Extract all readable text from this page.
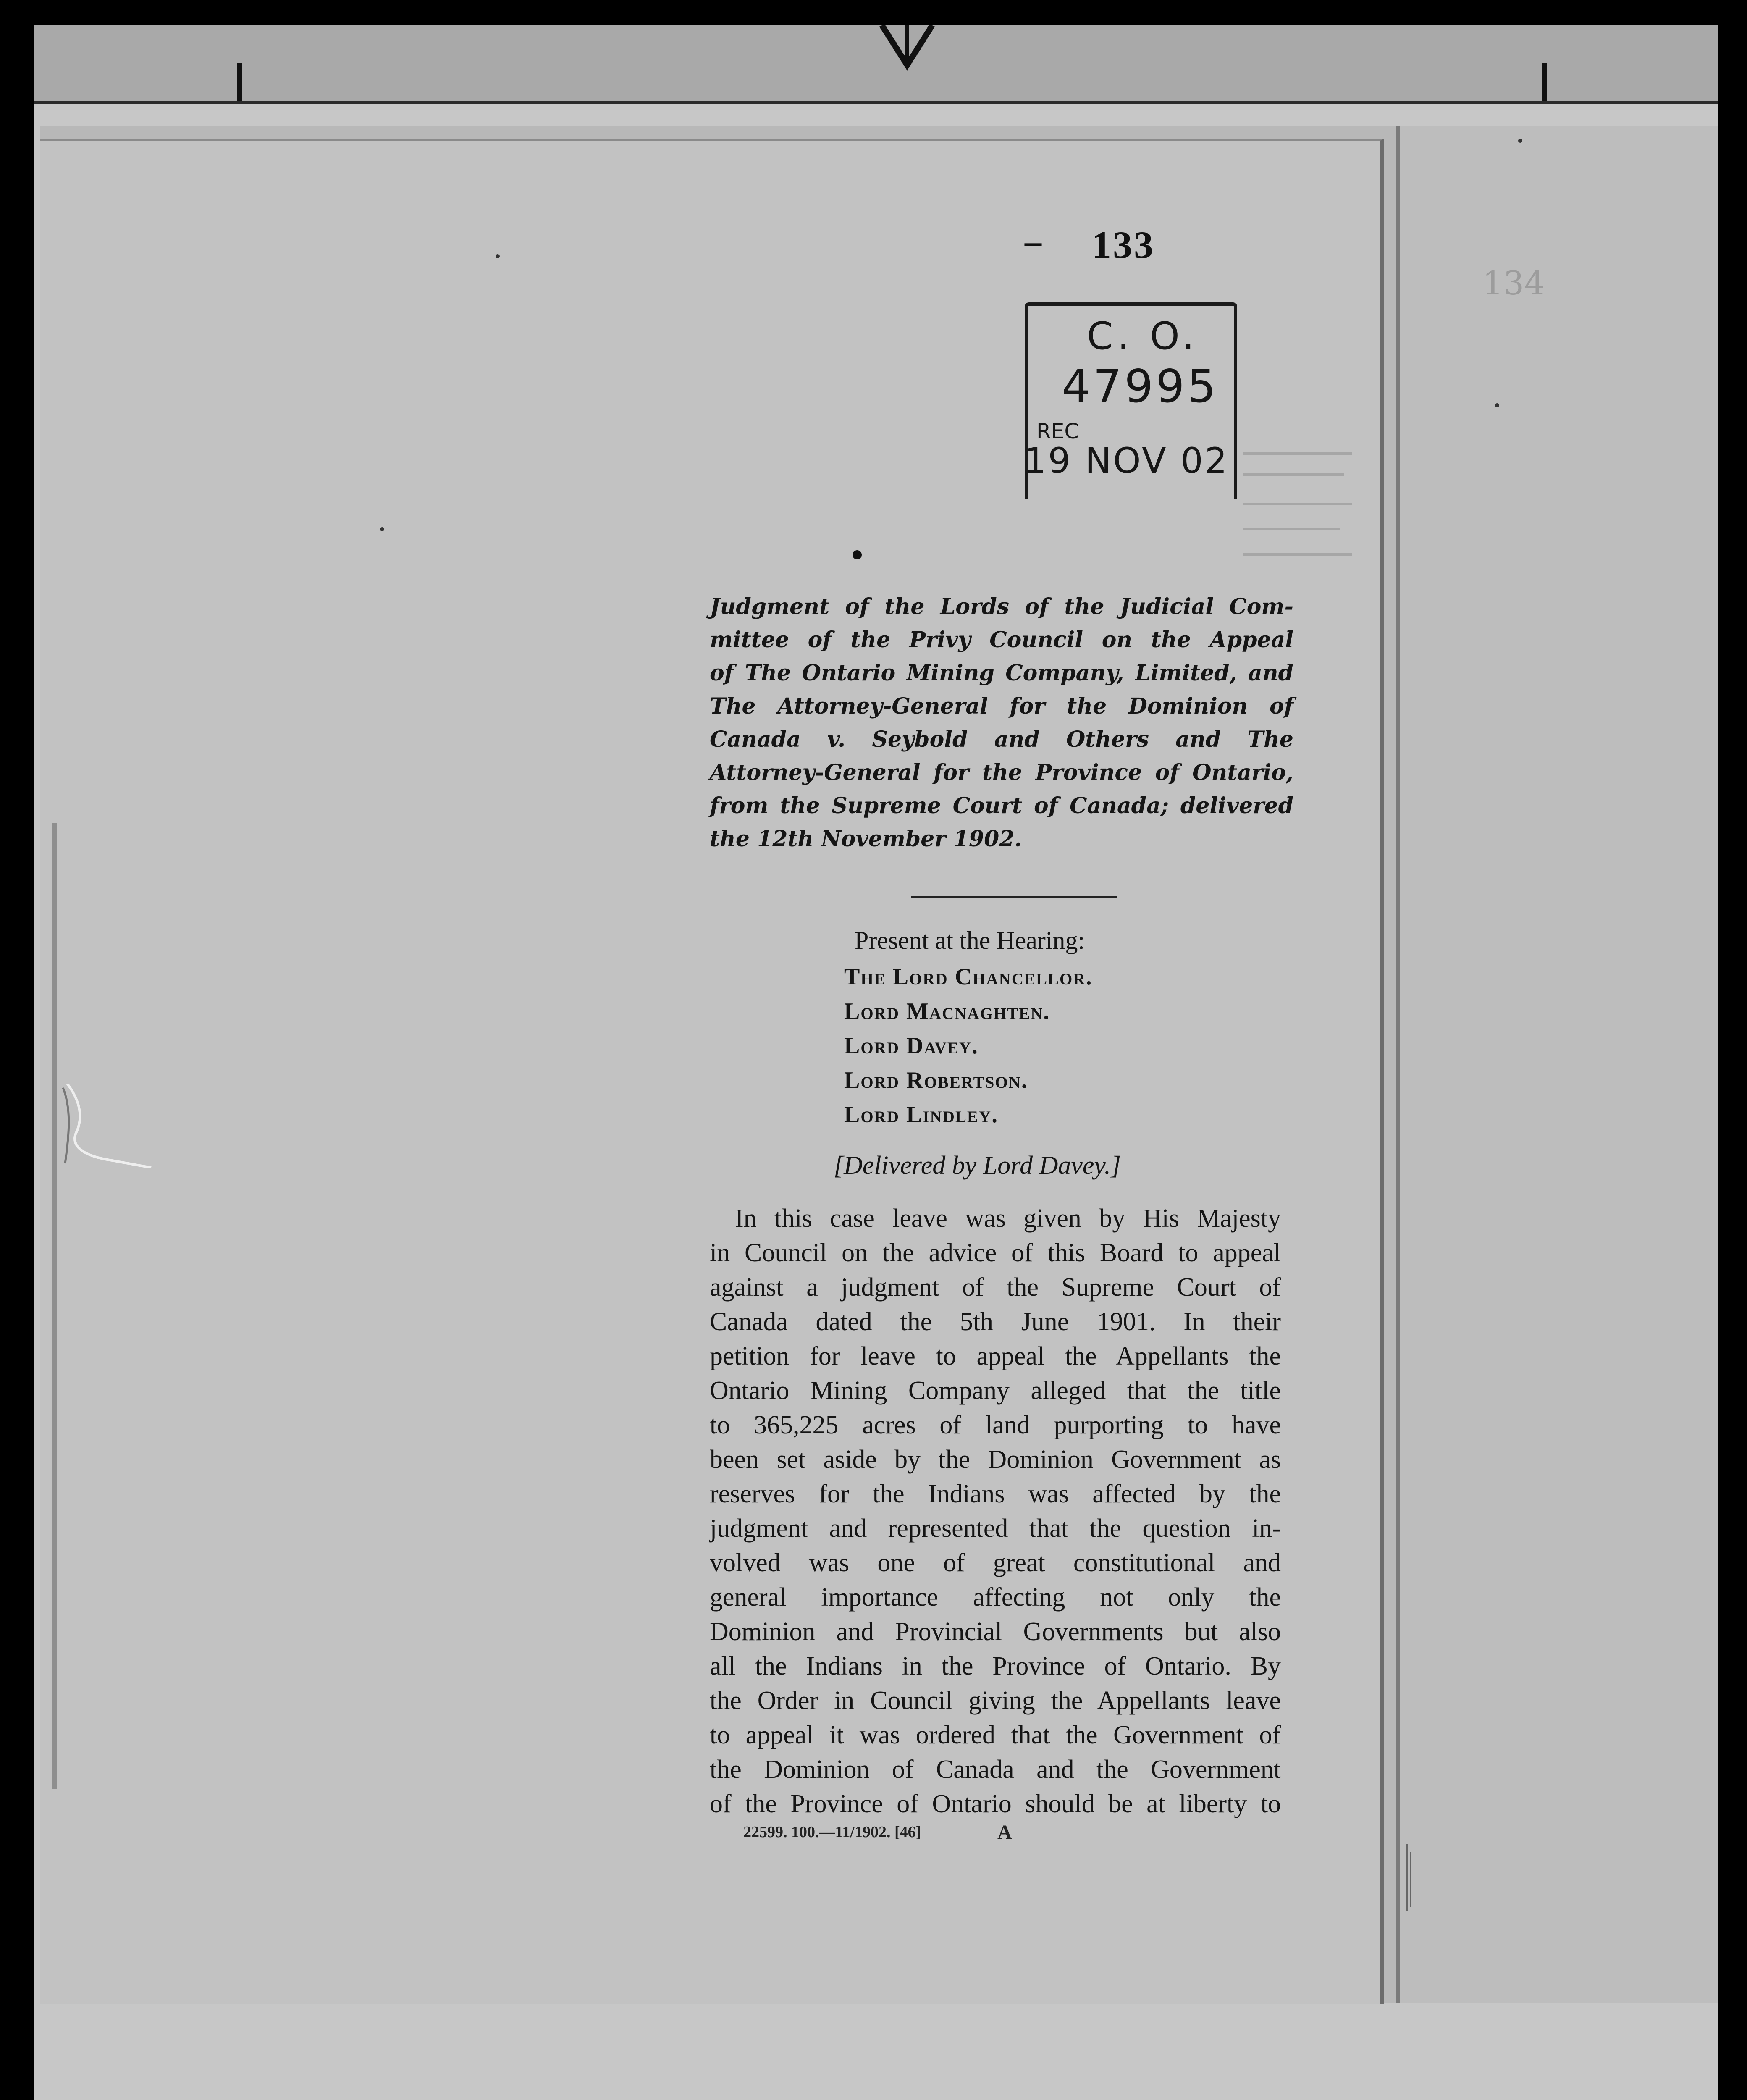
134
– 133
C. O.
47995
REC
19 NOV 02
Judgment of the Lords of the Judicial Com-
mittee of the Privy Council on the Appeal
of The Ontario Mining Company, Limited, and
The Attorney-General for the Dominion of
Canada v. Seybold and Others and The
Attorney-General for the Province of Ontario,
from the Supreme Court of Canada; delivered
the 12th November 1902.
Present at the Hearing:
The Lord Chancellor.
Lord Macnaghten.
Lord Davey.
Lord Robertson.
Lord Lindley.
[Delivered by Lord Davey.]
In this case leave was given by His Majesty
in Council on the advice of this Board to appeal
against a judgment of the Supreme Court of
Canada dated the 5th June 1901. In their
petition for leave to appeal the Appellants the
Ontario Mining Company alleged that the title
to 365,225 acres of land purporting to have
been set aside by the Dominion Government as
reserves for the Indians was affected by the
judgment and represented that the question in-
volved was one of great constitutional and
general importance affecting not only the
Dominion and Provincial Governments but also
all the Indians in the Province of Ontario. By
the Order in Council giving the Appellants leave
to appeal it was ordered that the Government of
the Dominion of Canada and the Government
of the Province of Ontario should be at liberty to
22599. 100.—11/1902. [46]	A
